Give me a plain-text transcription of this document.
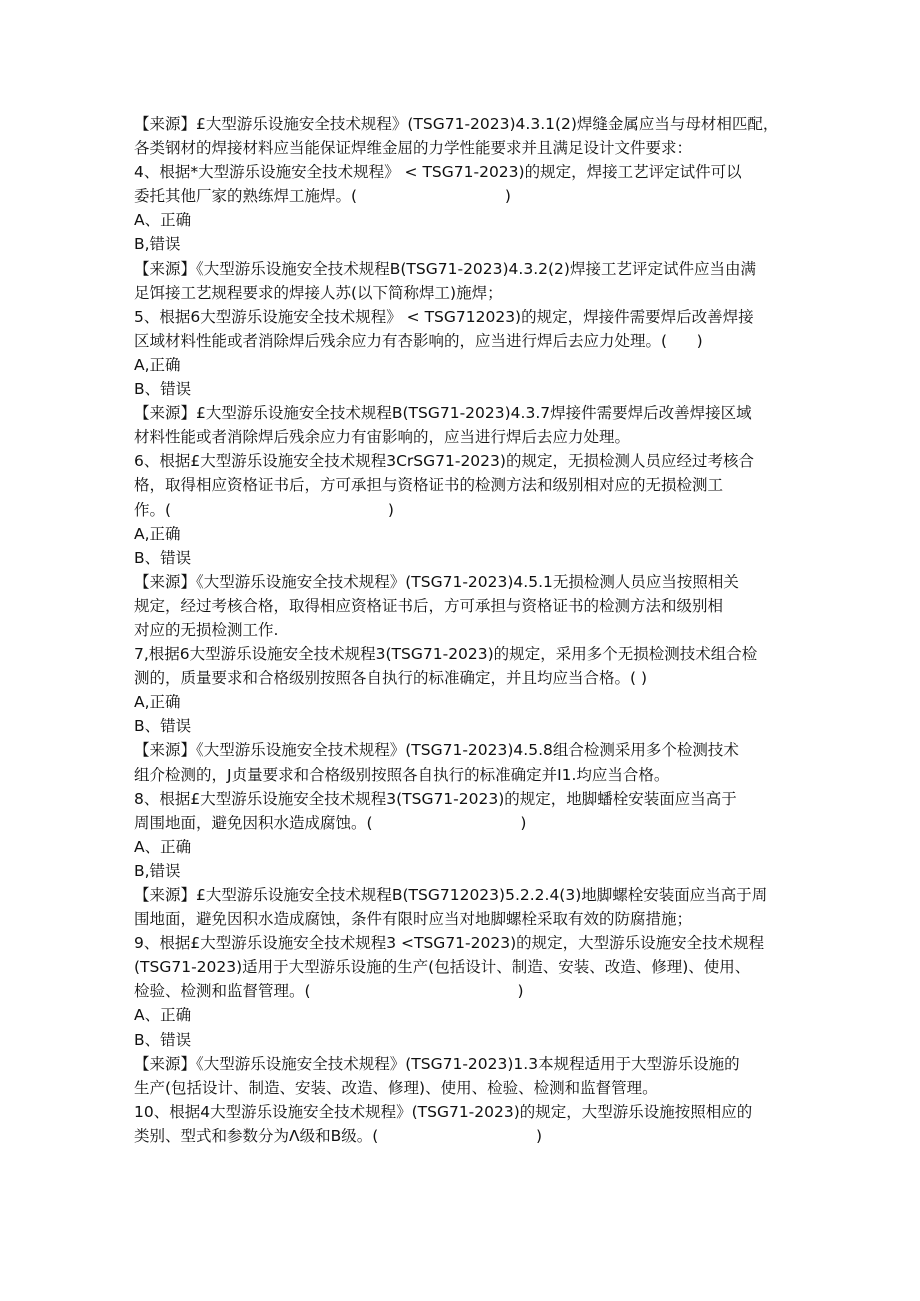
【来源】£大型游乐设施安全技术规程》(TSG71-2023)4.3.1(2)焊缝金属应当与母材相匹配，
各类钢材的焊接材料应当能保证焊维金屈的力学性能要求并且满足设计文件要求：
4、根据*大型游乐设施安全技术规程》 < TSG71-2023)的规定，焊接工艺评定试件可以
委托其他厂家的熟练焊工施焊。(                              )
A、正确
B,错误
【来源】《大型游乐设施安全技术规程B(TSG71-2023)4.3.2(2)焊接工艺评定试件应当由满
足饵接工艺规程要求的焊接人苏(以下简称焊工)施焊；
5、根据6大型游乐设施安全技术规程》 < TSG712023)的规定，焊接件需要焊后改善焊接
区域材料性能或者消除焊后残余应力有杏影响的，应当进行焊后去应力处理。(      )
A,正确
B、错误
【来源】£大型游乐设施安全技术规程B(TSG71-2023)4.3.7焊接件需要焊后改善焊接区域
材料性能或者消除焊后残余应力有宙影响的，应当进行焊后去应力处理。
6、根据£大型游乐设施安全技术规程3CrSG71-2023)的规定，无损检测人员应经过考核合
格，取得相应资格证书后，方可承担与资格证书的检测方法和级别相对应的无损检测工
作。(                                            )
A,正确
B、错误
【来源】《大型游乐设施安全技术规程》(TSG71-2023)4.5.1无损检测人员应当按照相关
规定，经过考核合格，取得相应资格证书后，方可承担与资格证书的检测方法和级别相
对应的无损检测工作.
7,根据6大型游乐设施安全技术规程3(TSG71-2023)的规定，采用多个无损检测技术组合检
测的，质量要求和合格级别按照各自执行的标准确定，并且均应当合格。( )
A,正确
B、错误
【来源】《大型游乐设施安全技术规程》(TSG71-2023)4.5.8组合检测采用多个检测技术
组介检测的，J贞量要求和合格级别按照各自执行的标准确定并I1.均应当合格。
8、根据£大型游乐设施安全技术规程3(TSG71-2023)的规定，地脚蟠栓安装面应当高于
周围地面，避免因积水造成腐蚀。(                              )
A、正确
B,错误
【来源】£大型游乐设施安全技术规程B(TSG712023)5.2.2.4(3)地脚螺栓安装面应当高于周
围地面，避免因积水造成腐蚀，条件有限时应当对地脚螺栓采取有效的防腐措施；
9、根据£大型游乐设施安全技术规程3 <TSG71-2023)的规定，大型游乐设施安全技术规程
(TSG71-2023)适用于大型游乐设施的生产(包括设计、制造、安装、改造、修理)、使用、
检验、检测和监督管理。(                                          )
A、正确
B、错误
【来源】《大型游乐设施安全技术规程》(TSG71-2023)1.3本规程适用于大型游乐设施的
生产(包括设计、制造、安装、改造、修理)、使用、检验、检测和监督管理。
10、根据4大型游乐设施安全技术规程》(TSG71-2023)的规定，大型游乐设施按照相应的
类别、型式和参数分为Λ级和B级。(                                )
